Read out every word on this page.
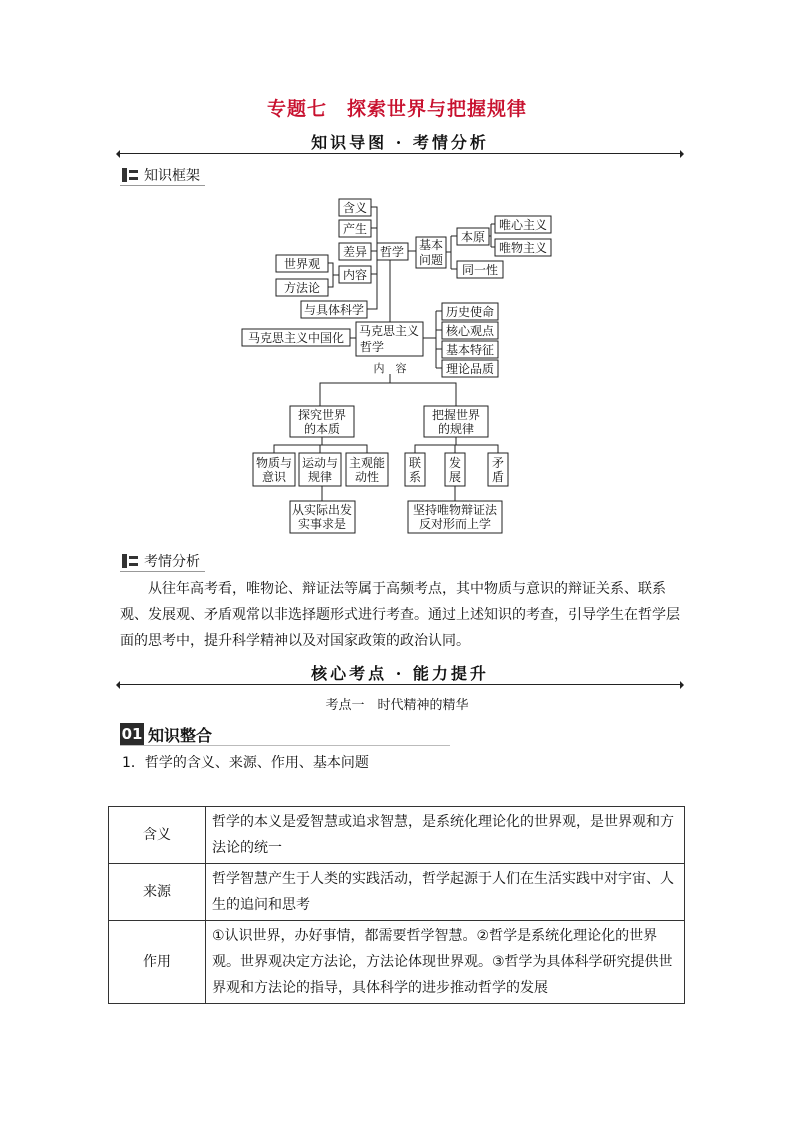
专题七　探索世界与把握规律
知识导图 · 考情分析
知识框架
含义
产生
差异
内容
世界观
方法论
与具体科学
哲学 基本
问题
本原
同一性
唯心主义
唯物主义
马克思主义
哲学
马克思主义中国化
历史使命
核心观点
基本特征
理论品质
内　容
探究世界
的本质
把握世界
的规律
物质与
意识
运动与
规律
主观能
动性
联
系
发
展
矛
盾
从实际出发
实事求是
坚持唯物辩证法
反对形而上学
考情分析
从往年高考看，唯物论、辩证法等属于高频考点，其中物质与意识的辩证关系、联系观、发展观、矛盾观常以非选择题形式进行考查。通过上述知识的考查，引导学生在哲学层面的思考中，提升科学精神以及对国家政策的政治认同。
核心考点 · 能力提升
考点一　时代精神的精华
01 知识整合
1．哲学的含义、来源、作用、基本问题
含义	哲学的本义是爱智慧或追求智慧，是系统化理论化的世界观，是世界观和方法论的统一
来源	哲学智慧产生于人类的实践活动，哲学起源于人们在生活实践中对宇宙、人生的追问和思考
作用	①认识世界，办好事情，都需要哲学智慧。②哲学是系统化理论化的世界观。世界观决定方法论，方法论体现世界观。③哲学为具体科学研究提供世界观和方法论的指导，具体科学的进步推动哲学的发展
